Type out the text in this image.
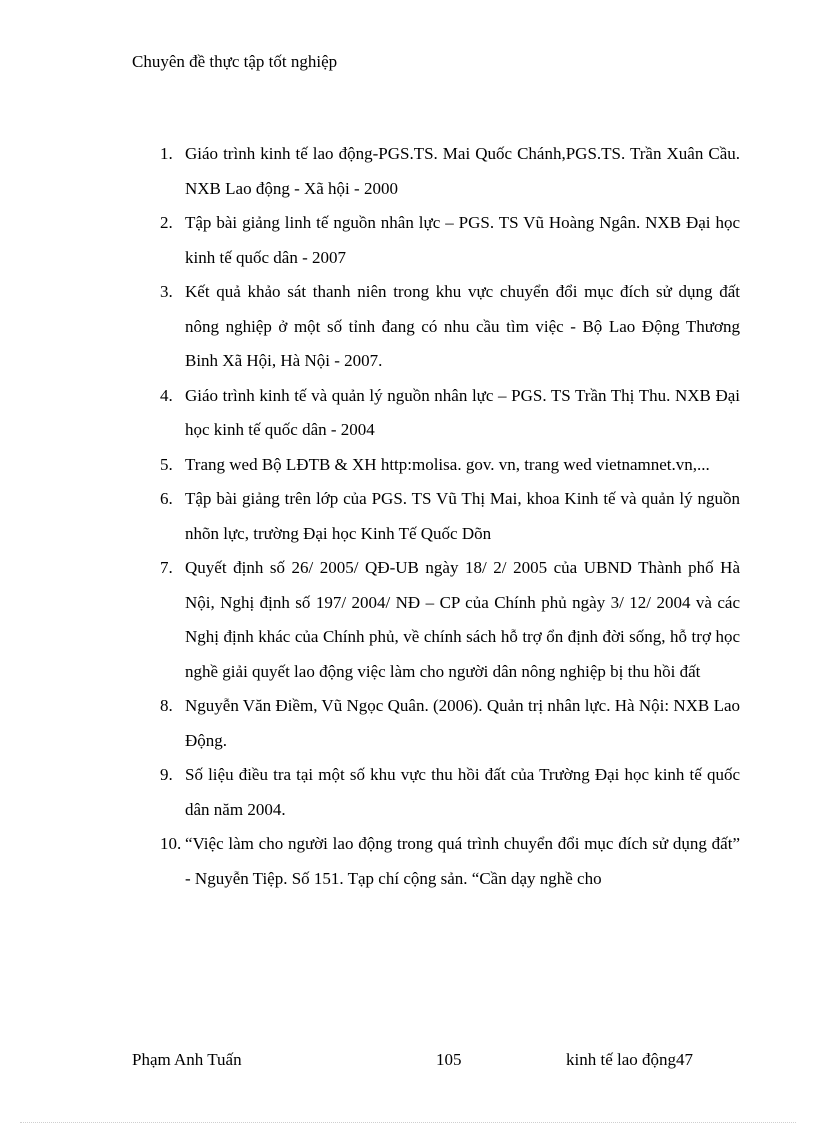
Chuyên đề thực tập tốt nghiệp
1. Giáo trình kinh tế lao động-PGS.TS. Mai Quốc Chánh,PGS.TS. Trần Xuân Cầu. NXB Lao động - Xã hội - 2000
2. Tập bài giảng linh tế nguồn nhân lực – PGS. TS Vũ Hoàng Ngân. NXB Đại học kinh tế quốc dân - 2007
3. Kết quả khảo sát thanh niên trong khu vực chuyển đổi mục đích sử dụng đất nông nghiệp ở một số tỉnh đang có nhu cầu tìm việc - Bộ Lao Động Thương Binh Xã Hội, Hà Nội - 2007.
4. Giáo trình kinh tế và quản lý nguồn nhân lực – PGS. TS Trần Thị Thu. NXB Đại học kinh tế quốc dân - 2004
5. Trang wed Bộ LĐTB & XH http:molisa. gov. vn, trang wed vietnamnet.vn,...
6. Tập bài giảng trên lớp của PGS. TS Vũ Thị Mai, khoa Kinh tế và quản lý nguồn nhõn lực, trường Đại học Kinh Tế Quốc Dõn
7. Quyết định số 26/ 2005/ QĐ-UB ngày 18/ 2/ 2005 của UBND Thành phố Hà Nội, Nghị định số 197/ 2004/ NĐ – CP của Chính phủ ngày 3/ 12/ 2004 và các Nghị định khác của Chính phủ, về chính sách hỗ trợ ổn định đời sống, hỗ trợ học nghề giải quyết lao động việc làm cho người dân nông nghiệp bị thu hồi đất
8. Nguyễn Văn Điềm, Vũ Ngọc Quân. (2006). Quản trị nhân lực. Hà Nội: NXB Lao Động.
9. Số liệu điều tra tại một số khu vực thu hồi đất của Trường Đại học kinh tế quốc dân năm 2004.
10. “Việc làm cho người lao động trong quá trình chuyển đổi mục đích sử dụng đất” - Nguyễn Tiệp. Số 151. Tạp chí cộng sản. “Cần dạy nghề cho
Phạm Anh Tuấn	105	kinh tế lao động47
